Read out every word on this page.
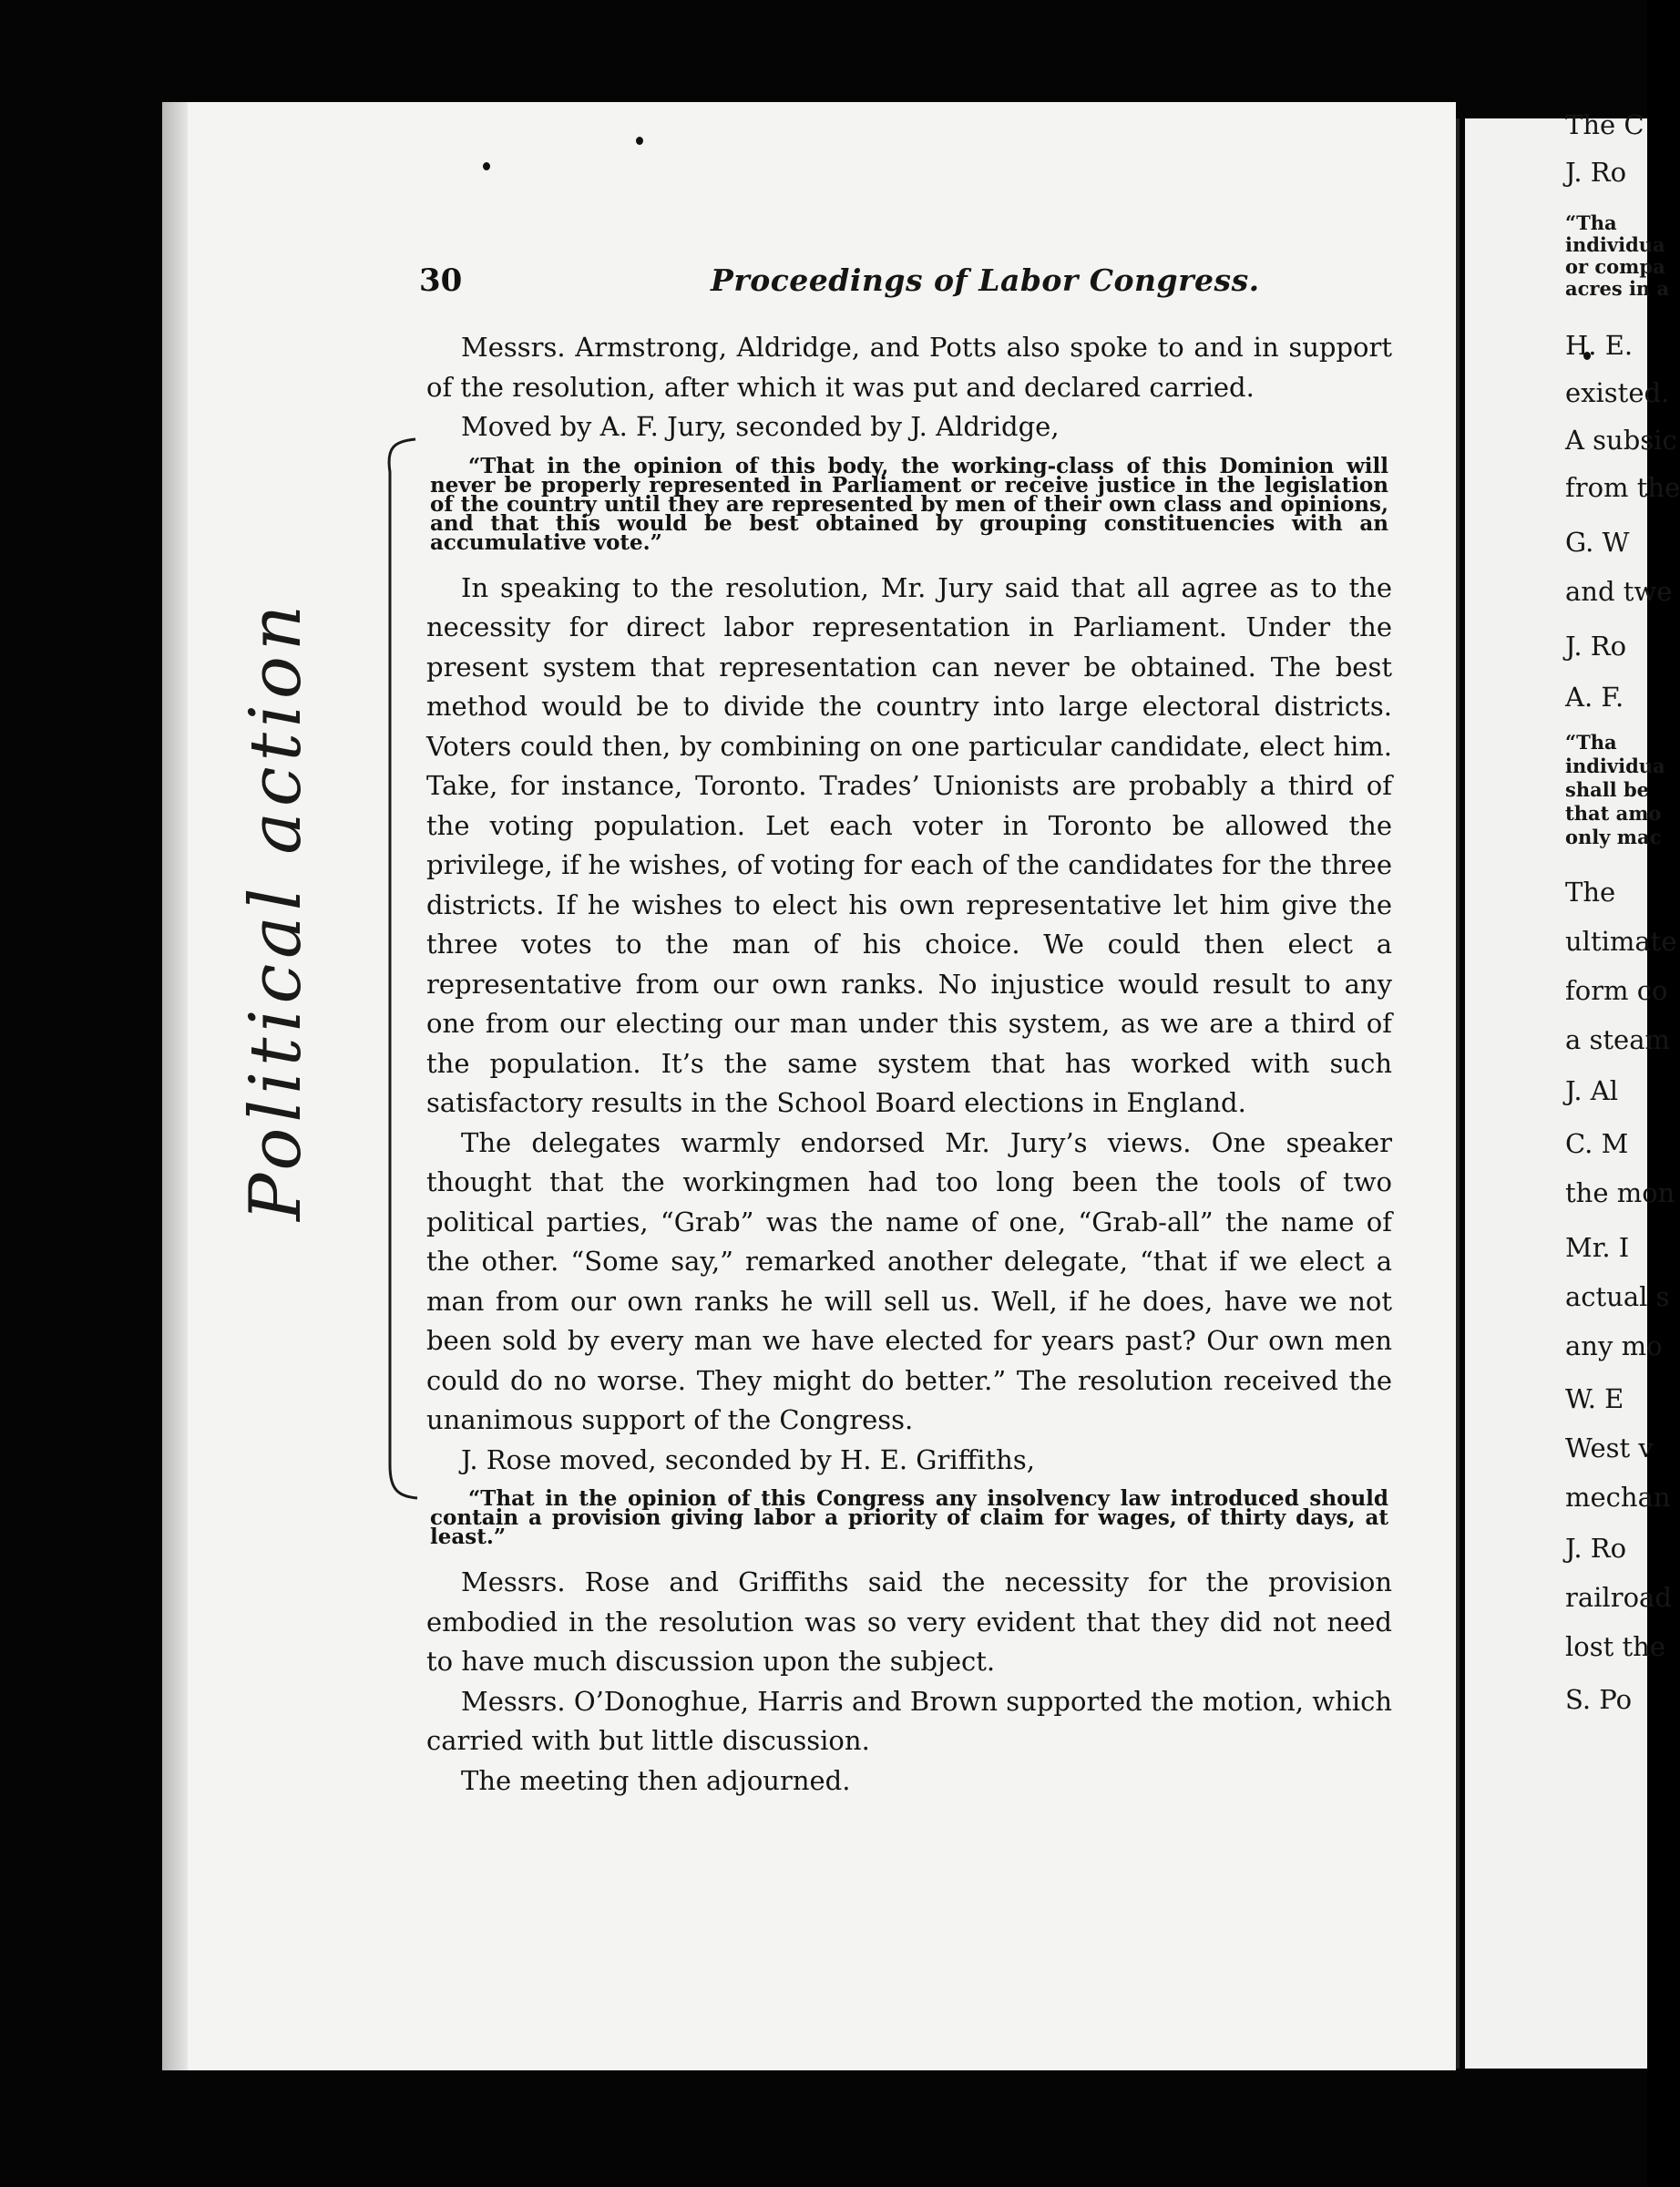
30	Proceedings of Labor Congress.
Political action

Messrs. Armstrong, Aldridge, and Potts also spoke to and in support of the resolution, after which it was put and declared carried.

Moved by A. F. Jury, seconded by J. Aldridge,

“That in the opinion of this body, the working-class of this Dominion will never be properly represented in Parliament or receive justice in the legislation of the country until they are represented by men of their own class and opinions, and that this would be best obtained by grouping constituencies with an accumulative vote.”

In speaking to the resolution, Mr. Jury said that all agree as to the necessity for direct labor representation in Parliament. Under the present system that representation can never be obtained. The best method would be to divide the country into large electoral districts. Voters could then, by combining on one particular candidate, elect him. Take, for instance, Toronto. Trades’ Unionists are probably a third of the voting population. Let each voter in Toronto be allowed the privilege, if he wishes, of voting for each of the candidates for the three districts. If he wishes to elect his own representative let him give the three votes to the man of his choice. We could then elect a representative from our own ranks. No injustice would result to any one from our electing our man under this system, as we are a third of the population. It’s the same system that has worked with such satisfactory results in the School Board elections in England.

The delegates warmly endorsed Mr. Jury’s views. One speaker thought that the workingmen had too long been the tools of two political parties, “Grab” was the name of one, “Grab-all” the name of the other. “Some say,” remarked another delegate, “that if we elect a man from our own ranks he will sell us. Well, if he does, have we not been sold by every man we have elected for years past? Our own men could do no worse. They might do better.” The resolution received the unanimous support of the Congress.

J. Rose moved, seconded by H. E. Griffiths,

“That in the opinion of this Congress any insolvency law introduced should contain a provision giving labor a priority of claim for wages, of thirty days, at least.”

Messrs. Rose and Griffiths said the necessity for the provision embodied in the resolution was so very evident that they did not need to have much discussion upon the subject.

Messrs. O’Donoghue, Harris and Brown supported the motion, which carried with but little discussion.

The meeting then adjourned.

The C
J. Ro
“Tha
individua
or compa
acres in a
H. E.
existed.
A subsic
from the
G. W
and twe
J. Ro
A. F.
“Tha
individua
shall be
that amo
only mac
The
ultimate
form co
a steam
J. Al
C. M
the mon
Mr. I
actual s
any mo
W. E
West v
mechan
J. Ro
railroad
lost the
S. Po
